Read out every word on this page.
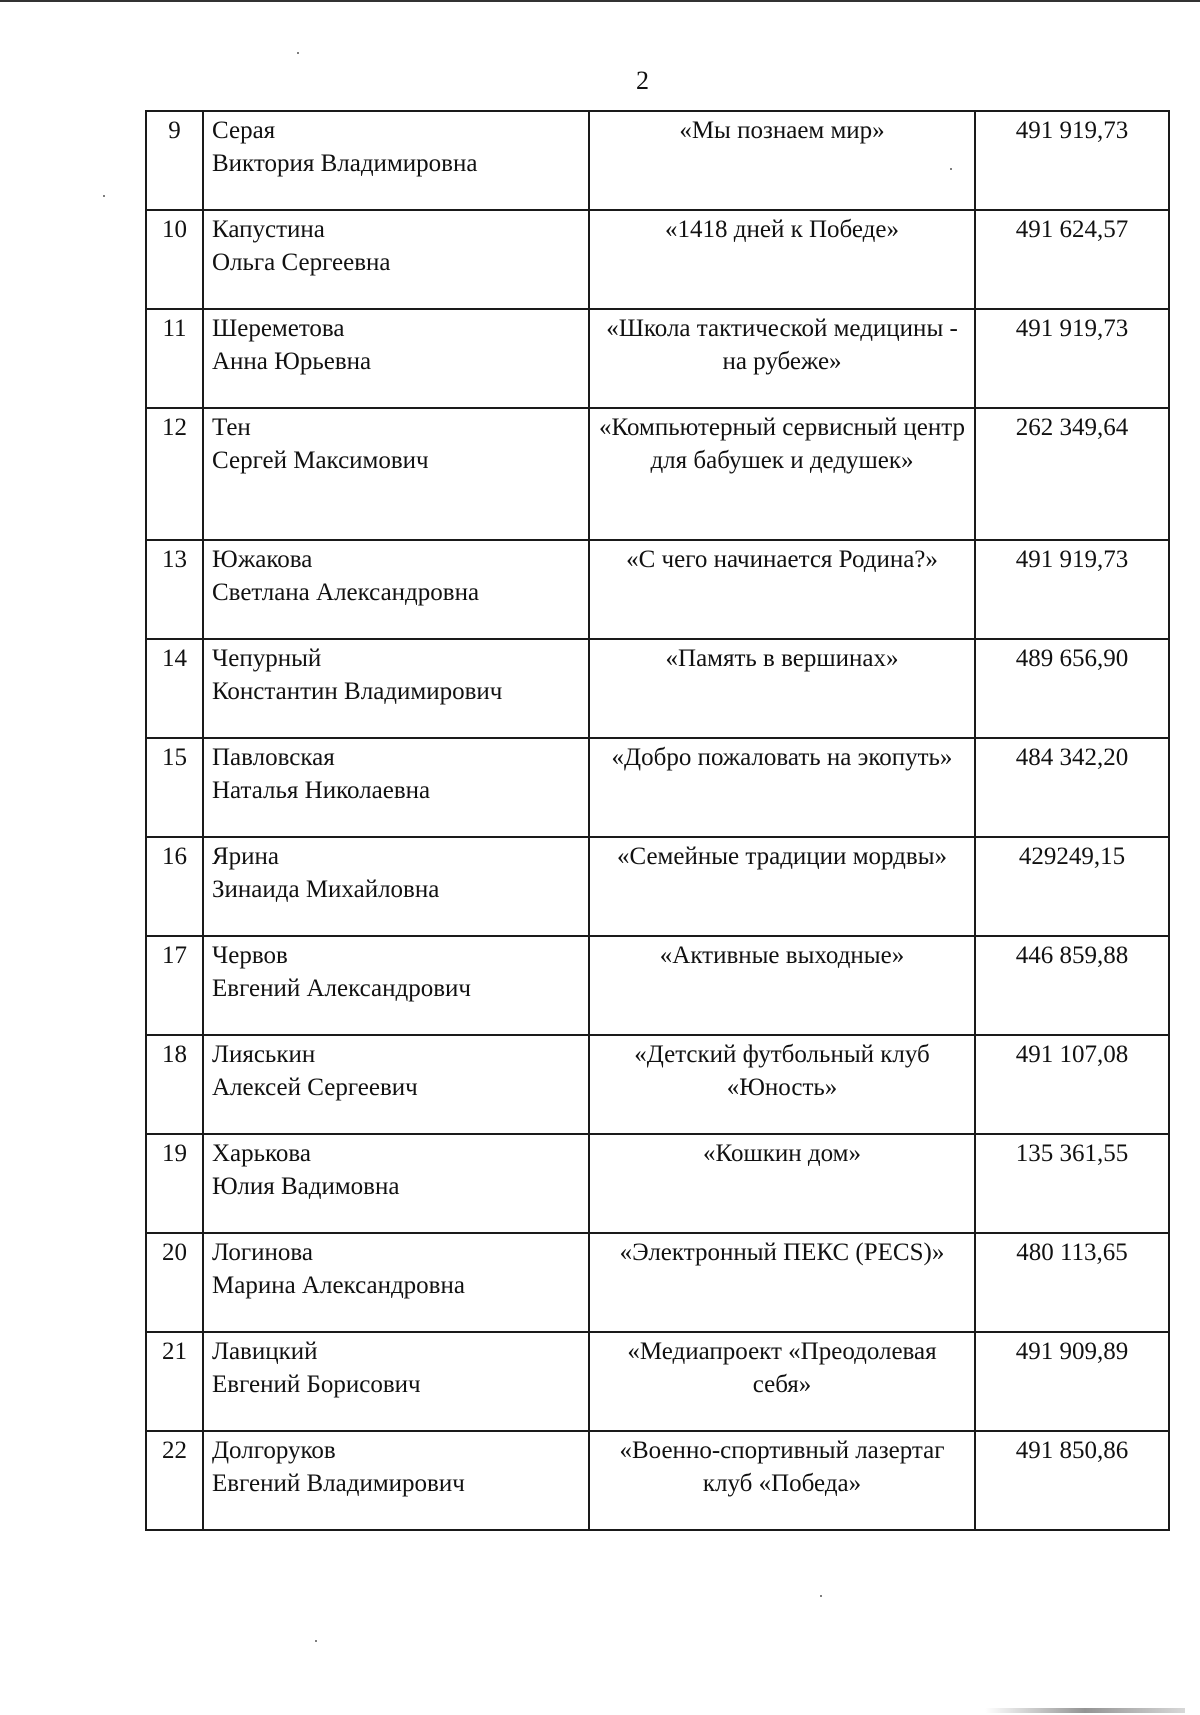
2
9	Серая
Виктория Владимировна	«Мы познаем мир»	491 919,73
10	Капустина
Ольга Сергеевна	«1418 дней к Победе»	491 624,57
11	Шереметова
Анна Юрьевна	«Школа тактической медицины - на рубеже»	491 919,73
12	Тен
Сергей Максимович	«Компьютерный сервисный центр для бабушек и дедушек»	262 349,64
13	Южакова
Светлана Александровна	«С чего начинается Родина?»	491 919,73
14	Чепурный
Константин Владимирович	«Память в вершинах»	489 656,90
15	Павловская
Наталья Николаевна	«Добро пожаловать на экопуть»	484 342,20
16	Ярина
Зинаида Михайловна	«Семейные традиции мордвы»	429249,15
17	Червов
Евгений Александрович	«Активные выходные»	446 859,88
18	Лияськин
Алексей Сергеевич	«Детский футбольный клуб «Юность»	491 107,08
19	Харькова
Юлия Вадимовна	«Кошкин дом»	135 361,55
20	Логинова
Марина Александровна	«Электронный ПЕКС (PECS)»	480 113,65
21	Лавицкий
Евгений Борисович	«Медиапроект «Преодолевая себя»	491 909,89
22	Долгоруков
Евгений Владимирович	«Военно-спортивный лазертаг клуб «Победа»	491 850,86
